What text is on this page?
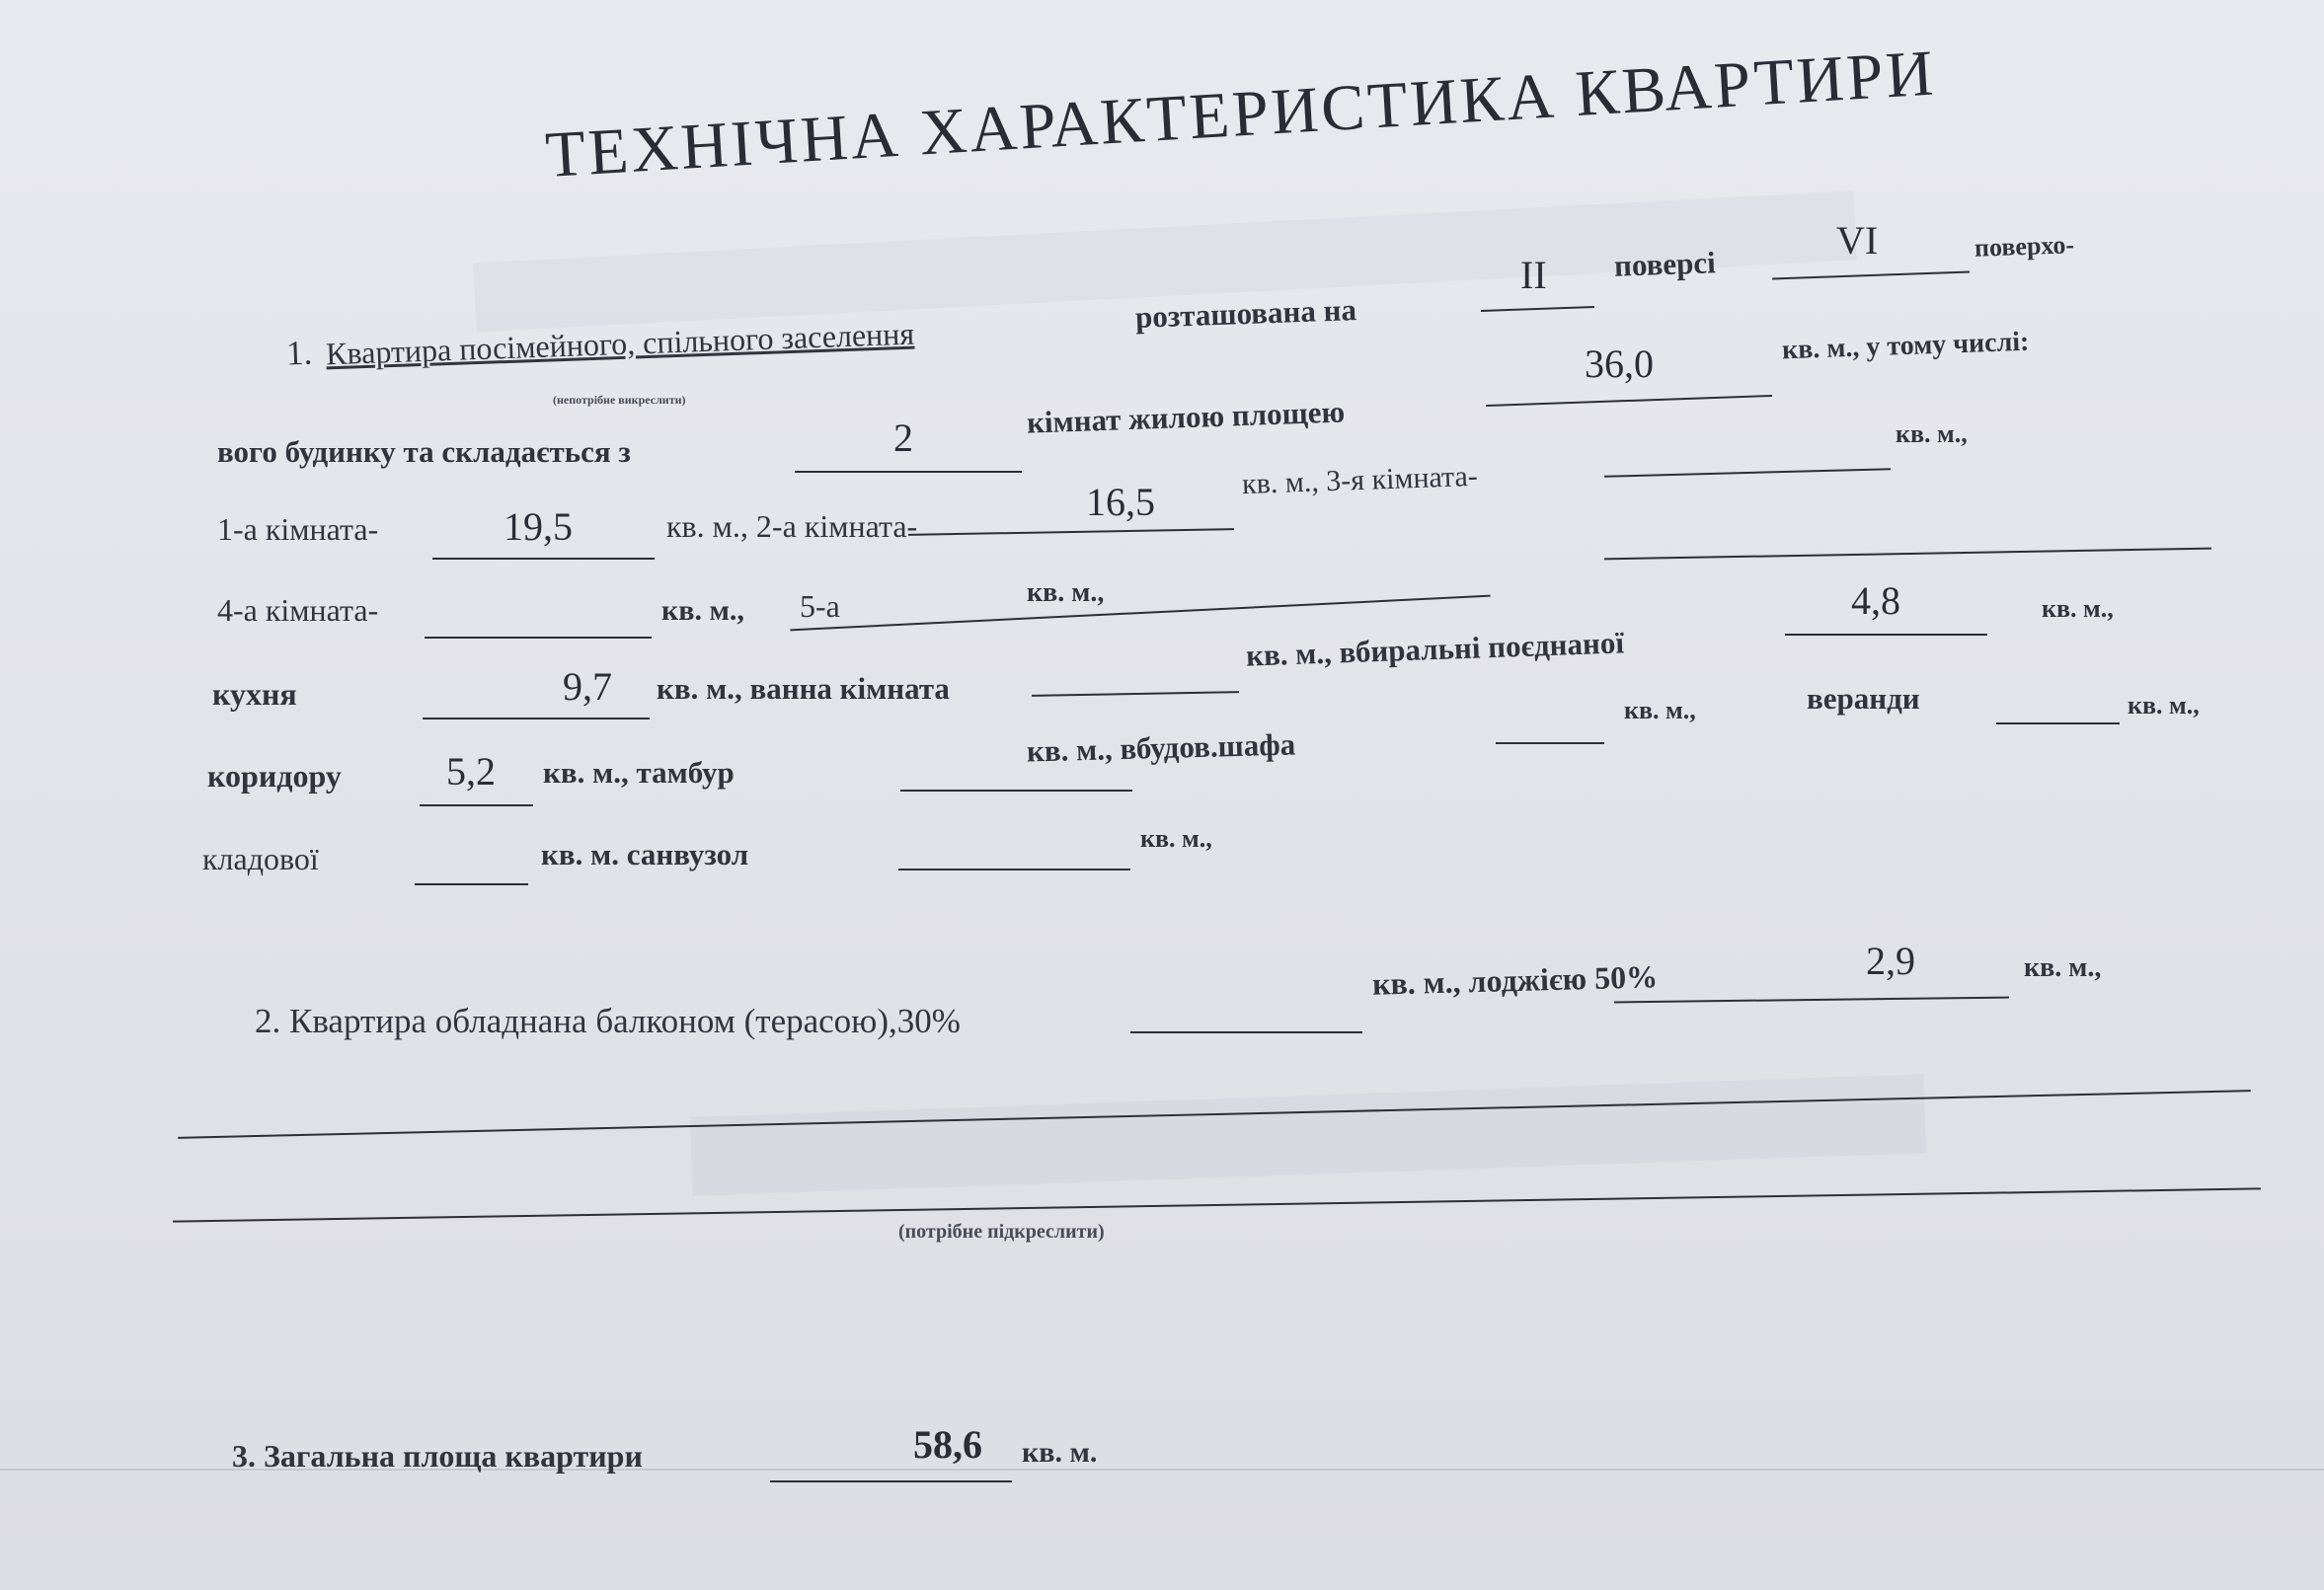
ТЕХНІЧНА ХАРАКТЕРИСТИКА КВАРТИРИ
1. Квартира посімейного, спільного заселення
розташована на
II поверсі
VI	поверхо-
(непотрібне викреслити)
вого будинку та складається з	2	кімнат жилою площею
36,0	кв. м., у тому числі:
кв. м.,
1-а кімната-	19,5	кв. м., 2-а кімната-
16,5	кв. м., 3-я кімната-
4-а кімната-	кв. м., 5-а	кв. м.,
кухня	9,7 кв. м., ванна кімната
кв. м., вбиральні поєднаної
4,8	кв. м.,
коридору	5,2 кв. м., тамбур
кв. м., вбудов.шафа
кв. м.,	веранди	кв. м.,
кладової	кв. м. санвузол	кв. м.,
2. Квартира обладнана балконом (терасою),30%
кв. м., лоджією 50%	2,9	кв. м.,
(потрібне підкреслити)
3. Загальна площа квартири	58,6 кв. м.
